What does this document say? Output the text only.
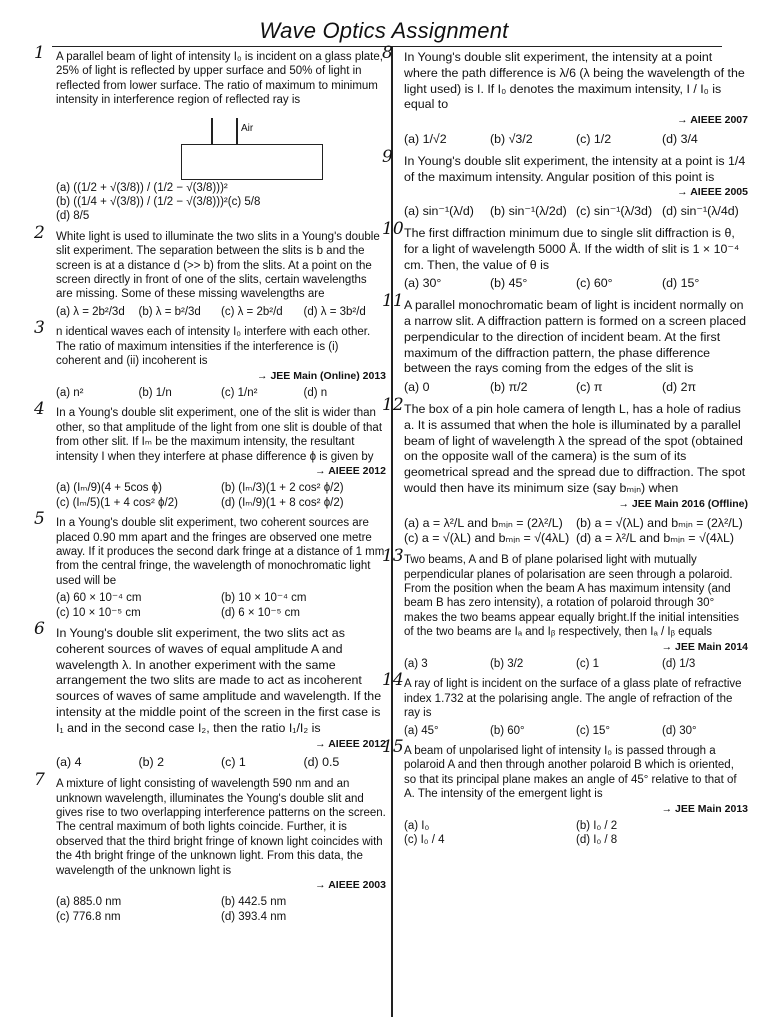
Wave Optics Assignment
1 A parallel beam of light of intensity I₀ is incident on a glass plate, 25% of light is reflected by upper surface and 50% of light in reflected from lower surface. The ratio of maximum to minimum intensity in interference region of reflected ray is
Air
(a) ((1/2 + √(3/8)) / (1/2 − √(3/8)))²
(b) ((1/4 + √(3/8)) / (1/2 − √(3/8)))² (c) 5/8
(d) 8/5
2 White light is used to illuminate the two slits in a Young's double slit experiment. The separation between the slits is b and the screen is at a distance d (>> b) from the slits. At a point on the screen directly in front of one of the slits, certain wavelengths are missing. Some of these missing wavelengths are
(a) λ = 2b²/3d	(b) λ = b²/3d	(c) λ = 2b²/d	(d) λ = 3b²/d
3 n identical waves each of intensity I₀ interfere with each other. The ratio of maximum intensities if the interference is (i) coherent and (ii) incoherent is
→ JEE Main (Online) 2013
(a) n²	(b) 1/n	(c) 1/n²	(d) n
4 In a Young's double slit experiment, one of the slit is wider than other, so that amplitude of the light from one slit is double of that from other slit. If Iₘ be the maximum intensity, the resultant intensity I when they interfere at phase difference ϕ is given by
→ AIEEE 2012
(a) (Iₘ/9)(4 + 5cos ϕ)	(b) (Iₘ/3)(1 + 2 cos² ϕ/2)
(c) (Iₘ/5)(1 + 4 cos² ϕ/2)	(d) (Iₘ/9)(1 + 8 cos² ϕ/2)
5 In a Young's double slit experiment, two coherent sources are placed 0.90 mm apart and the fringes are observed one metre away. If it produces the second dark fringe at a distance of 1 mm from the central fringe, the wavelength of monochromatic light used will be
(a) 60 × 10⁻⁴ cm	(b) 10 × 10⁻⁴ cm
(c) 10 × 10⁻⁵ cm	(d) 6 × 10⁻⁵ cm
6 In Young's double slit experiment, the two slits act as coherent sources of waves of equal amplitude A and wavelength λ. In another experiment with the same arrangement the two slits are made to act as incoherent sources of waves of same amplitude and wavelength. If the intensity at the middle point of the screen in the first case is I₁ and in the second case I₂, then the ratio I₁/I₂ is
→ AIEEE 2012
(a) 4	(b) 2	(c) 1	(d) 0.5
7 A mixture of light consisting of wavelength 590 nm and an unknown wavelength, illuminates the Young's double slit and gives rise to two overlapping interference patterns on the screen. The central maximum of both lights coincide. Further, it is observed that the third bright fringe of known light coincides with the 4th bright fringe of the unknown light. From this data, the wavelength of the unknown light is
→ AIEEE 2003
(a) 885.0 nm	(b) 442.5 nm
(c) 776.8 nm	(d) 393.4 nm
8 In Young's double slit experiment, the intensity at a point where the path difference is λ/6 (λ being the wavelength of the light used) is I. If I₀ denotes the maximum intensity, I / I₀ is equal to
→ AIEEE 2007
(a) 1/√2	(b) √3/2	(c) 1/2	(d) 3/4
9 In Young's double slit experiment, the intensity at a point is 1/4 of the maximum intensity. Angular position of this point is
→ AIEEE 2005
(a) sin⁻¹(λ/d)	(b) sin⁻¹(λ/2d) (c) sin⁻¹(λ/3d) (d) sin⁻¹(λ/4d)
10 The first diffraction minimum due to single slit diffraction is θ, for a light of wavelength 5000 Å. If the width of slit is 1 × 10⁻⁴ cm. Then, the value of θ is
(a) 30°	(b) 45°	(c) 60°	(d) 15°
11 A parallel monochromatic beam of light is incident normally on a narrow slit. A diffraction pattern is formed on a screen placed perpendicular to the direction of incident beam. At the first maximum of the diffraction pattern, the phase difference between the rays coming from the edges of the slit is
(a) 0	(b) π/2	(c) π	(d) 2π
12 The box of a pin hole camera of length L, has a hole of radius a. It is assumed that when the hole is illuminated by a parallel beam of light of wavelength λ the spread of the spot (obtained on the opposite wall of the camera) is the sum of its geometrical spread and the spread due to diffraction. The spot would then have its minimum size (say bₘᵢₙ) when
→ JEE Main 2016 (Offline)
(a) a = λ²/L and bₘᵢₙ = (2λ²/L)	(b) a = √(λL) and bₘᵢₙ = (2λ²/L)
(c) a = √(λL) and bₘᵢₙ = √(4λL) (d) a = λ²/L and bₘᵢₙ = √(4λL)
13 Two beams, A and B of plane polarised light with mutually perpendicular planes of polarisation are seen through a polaroid. From the position when the beam A has maximum intensity (and beam B has zero intensity), a rotation of polaroid through 30° makes the two beams appear equally bright.If the initial intensities of the two beams are Iₐ and Iᵦ respectively, then Iₐ / Iᵦ equals
→ JEE Main 2014
(a) 3	(b) 3/2	(c) 1	(d) 1/3
14 A ray of light is incident on the surface of a glass plate of refractive index 1.732 at the polarising angle. The angle of refraction of the ray is
(a) 45°	(b) 60°	(c) 15°	(d) 30°
15 A beam of unpolarised light of intensity I₀ is passed through a polaroid A and then through another polaroid B which is oriented, so that its principal plane makes an angle of 45° relative to that of A. The intensity of the emergent light is
→ JEE Main 2013
(a) I₀	(b) I₀ / 2
(c) I₀ / 4	(d) I₀ / 8
